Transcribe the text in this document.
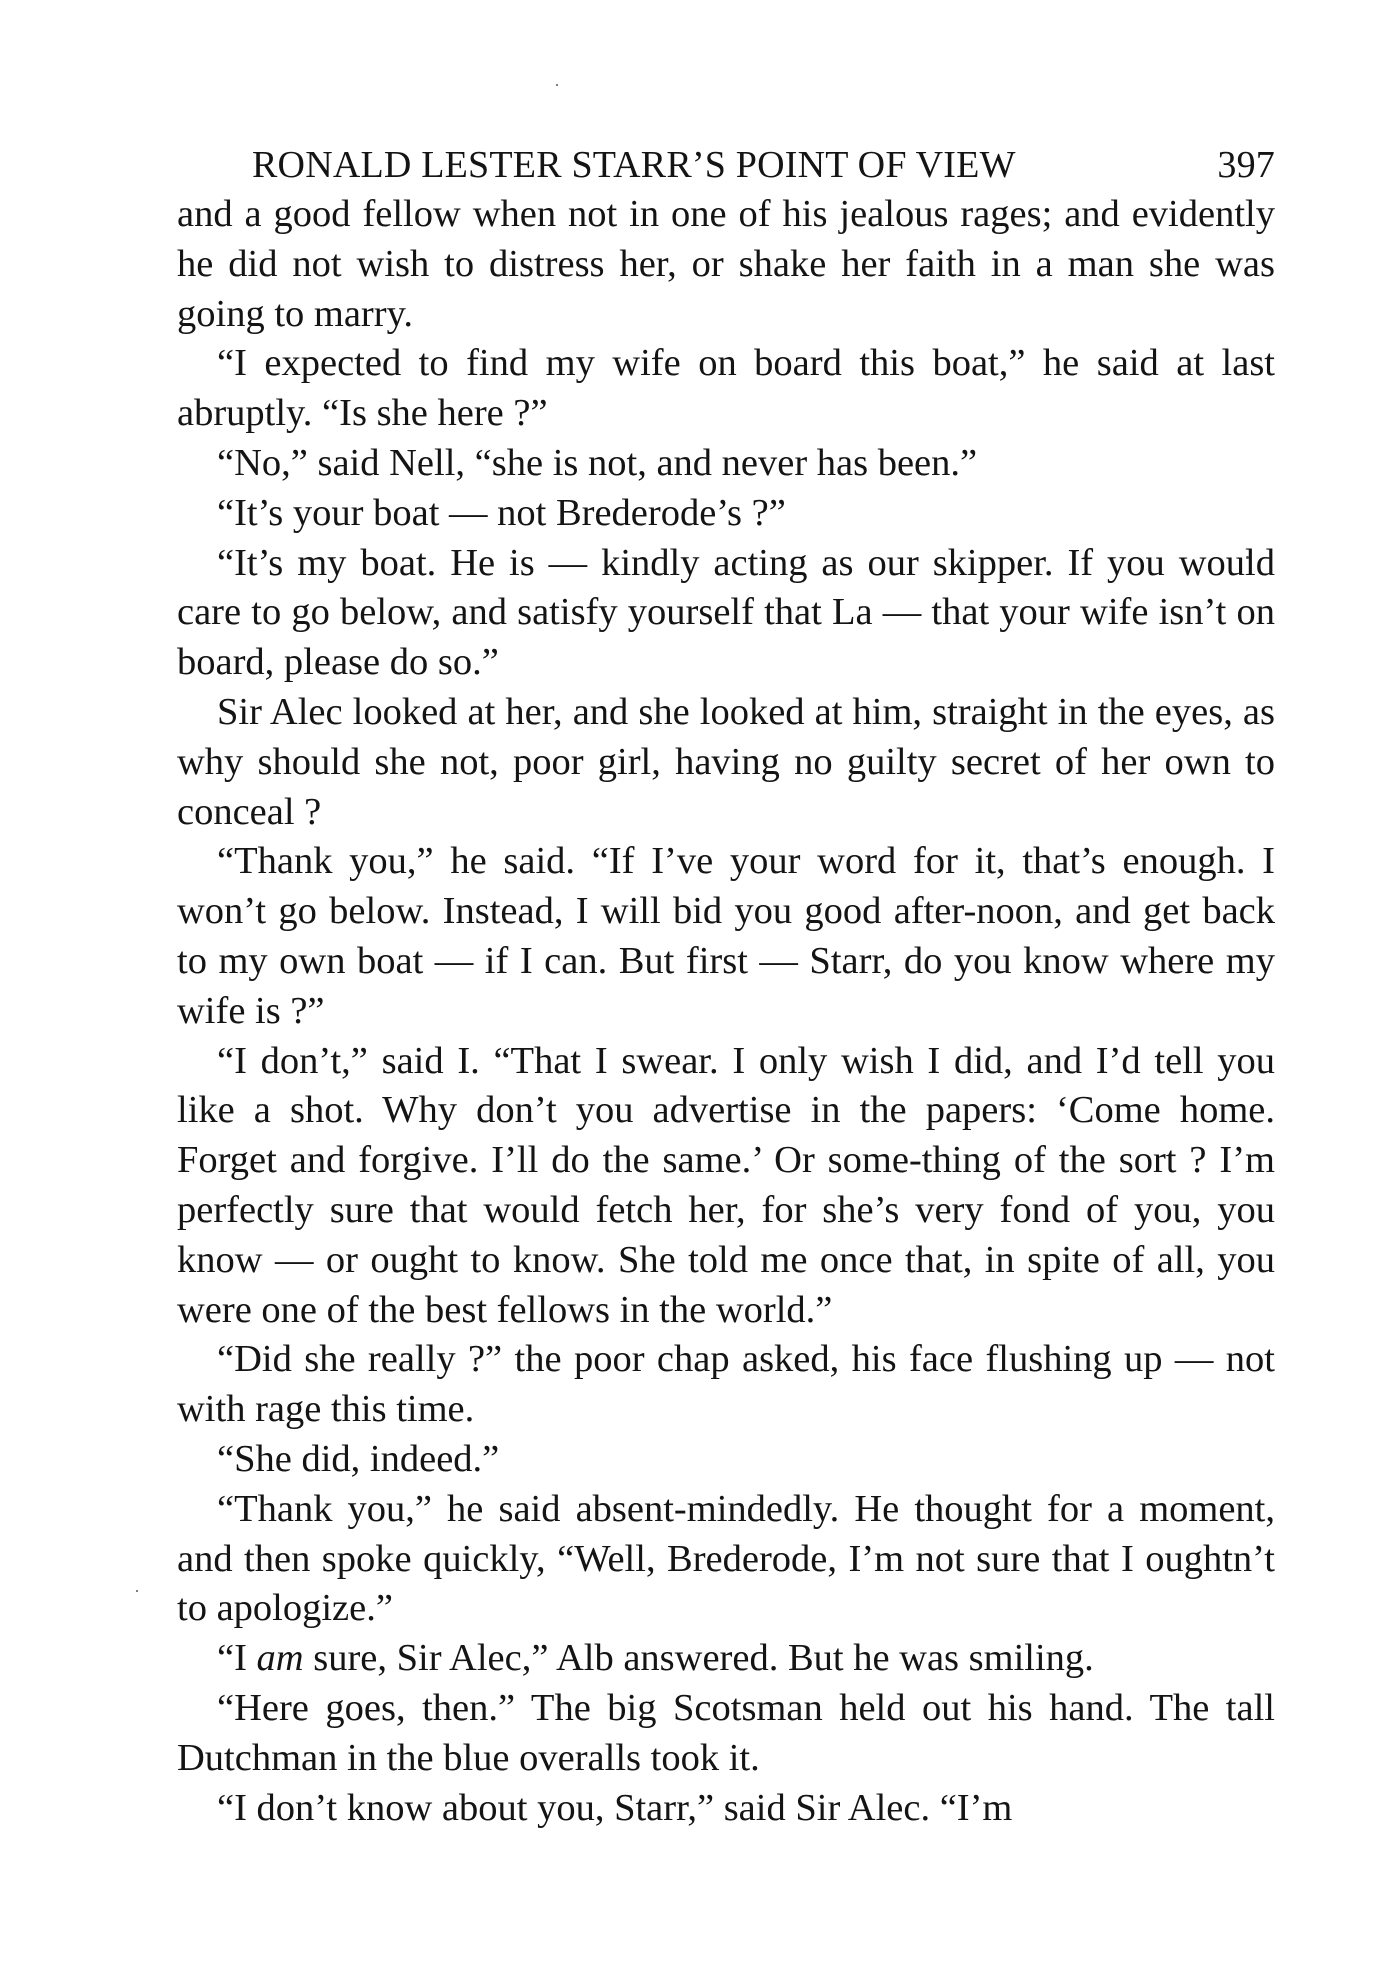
RONALD LESTER STARR’S POINT OF VIEW	397

and a good fellow when not in one of his jealous rages; and evidently he did not wish to distress her, or shake her faith in a man she was going to marry.

“I expected to find my wife on board this boat,” he said at last abruptly. “Is she here ?”

“No,” said Nell, “she is not, and never has been.”

“It’s your boat — not Brederode’s ?”

“It’s my boat. He is — kindly acting as our skipper. If you would care to go below, and satisfy yourself that La — that your wife isn’t on board, please do so.”

Sir Alec looked at her, and she looked at him, straight in the eyes, as why should she not, poor girl, having no guilty secret of her own to conceal ?

“Thank you,” he said. “If I’ve your word for it, that’s enough. I won’t go below. Instead, I will bid you good after-noon, and get back to my own boat — if I can. But first — Starr, do you know where my wife is ?”

“I don’t,” said I. “That I swear. I only wish I did, and I’d tell you like a shot. Why don’t you advertise in the papers: ‘Come home. Forget and forgive. I’ll do the same.’ Or some-thing of the sort ? I’m perfectly sure that would fetch her, for she’s very fond of you, you know — or ought to know. She told me once that, in spite of all, you were one of the best fellows in the world.”

“Did she really ?” the poor chap asked, his face flushing up — not with rage this time.

“She did, indeed.”

“Thank you,” he said absent-mindedly. He thought for a moment, and then spoke quickly, “Well, Brederode, I’m not sure that I oughtn’t to apologize.”

“I am sure, Sir Alec,” Alb answered. But he was smiling.

“Here goes, then.” The big Scotsman held out his hand. The tall Dutchman in the blue overalls took it.

“I don’t know about you, Starr,” said Sir Alec. “I’m
